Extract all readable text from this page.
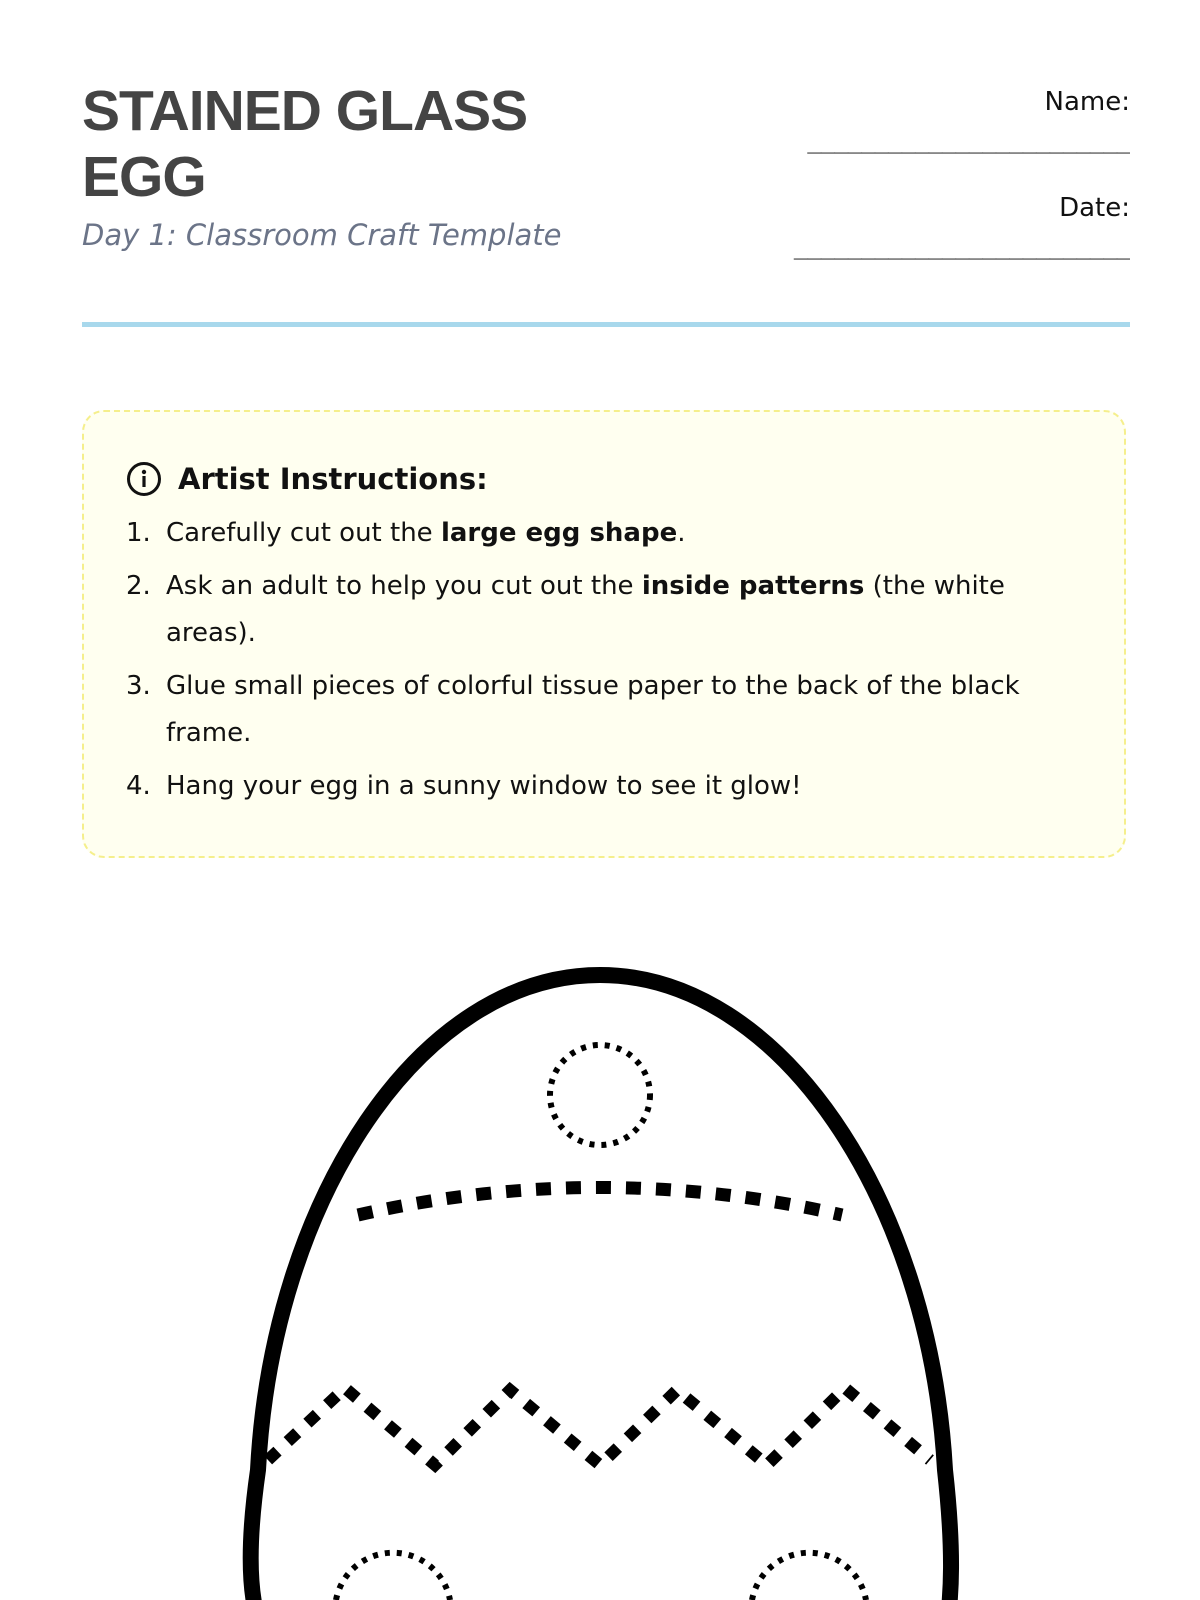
STAINED GLASS EGG

Day 1: Classroom Craft Template

Name:
________________________
Date:
_________________________
Artist Instructions:
1. Carefully cut out the large egg shape.
2. Ask an adult to help you cut out the inside patterns (the white areas).
3. Glue small pieces of colorful tissue paper to the back of the black frame.
4. Hang your egg in a sunny window to see it glow!
